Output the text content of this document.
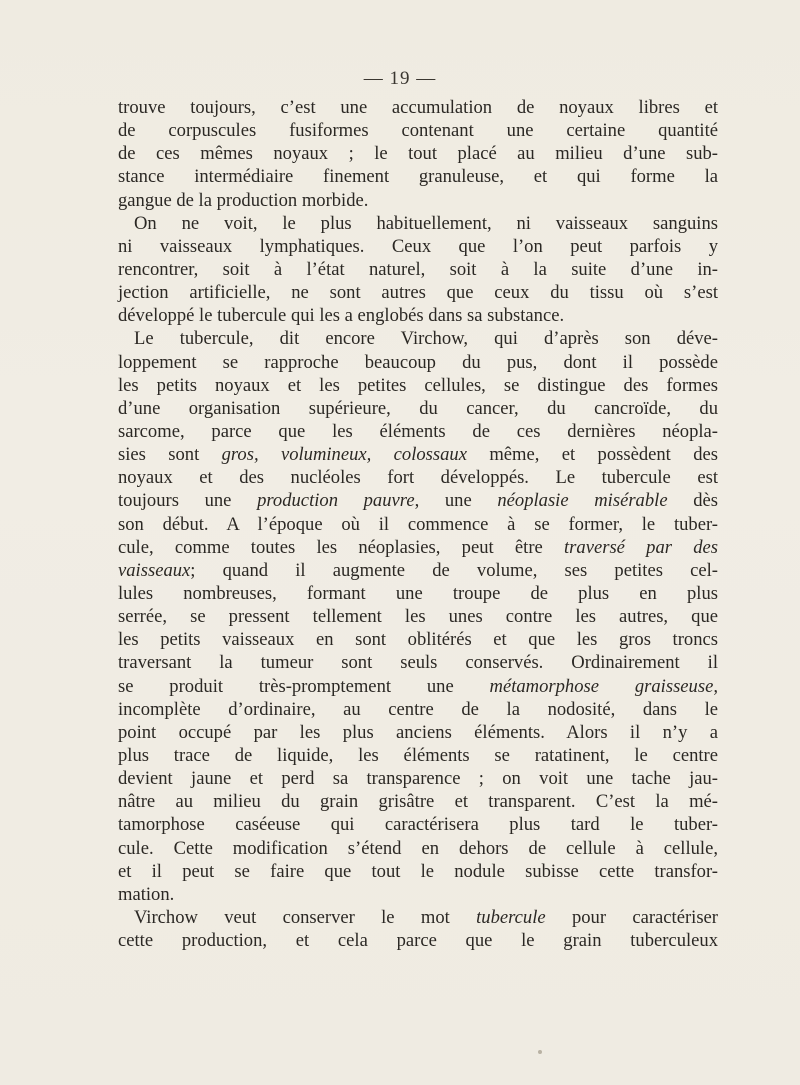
— 19 —
trouve toujours, c’est une accumulation de noyaux libres et
de corpuscules fusiformes contenant une certaine quantité
de ces mêmes noyaux ; le tout placé au milieu d’une sub-
stance intermédiaire finement granuleuse, et qui forme la
gangue de la production morbide.
On ne voit, le plus habituellement, ni vaisseaux sanguins
ni vaisseaux lymphatiques. Ceux que l’on peut parfois y
rencontrer, soit à l’état naturel, soit à la suite d’une in-
jection artificielle, ne sont autres que ceux du tissu où s’est
développé le tubercule qui les a englobés dans sa substance.
Le tubercule, dit encore Virchow, qui d’après son déve-
loppement se rapproche beaucoup du pus, dont il possède
les petits noyaux et les petites cellules, se distingue des formes
d’une organisation supérieure, du cancer, du cancroïde, du
sarcome, parce que les éléments de ces dernières néopla-
sies sont gros, volumineux, colossaux même, et possèdent des
noyaux et des nucléoles fort développés. Le tubercule est
toujours une production pauvre, une néoplasie misérable dès
son début. A l’époque où il commence à se former, le tuber-
cule, comme toutes les néoplasies, peut être traversé par des
vaisseaux; quand il augmente de volume, ses petites cel-
lules nombreuses, formant une troupe de plus en plus
serrée, se pressent tellement les unes contre les autres, que
les petits vaisseaux en sont oblitérés et que les gros troncs
traversant la tumeur sont seuls conservés. Ordinairement il
se produit très-promptement une métamorphose graisseuse,
incomplète d’ordinaire, au centre de la nodosité, dans le
point occupé par les plus anciens éléments. Alors il n’y a
plus trace de liquide, les éléments se ratatinent, le centre
devient jaune et perd sa transparence ; on voit une tache jau-
nâtre au milieu du grain grisâtre et transparent. C’est la mé-
tamorphose caséeuse qui caractérisera plus tard le tuber-
cule. Cette modification s’étend en dehors de cellule à cellule,
et il peut se faire que tout le nodule subisse cette transfor-
mation.
Virchow veut conserver le mot tubercule pour caractériser
cette production, et cela parce que le grain tuberculeux
